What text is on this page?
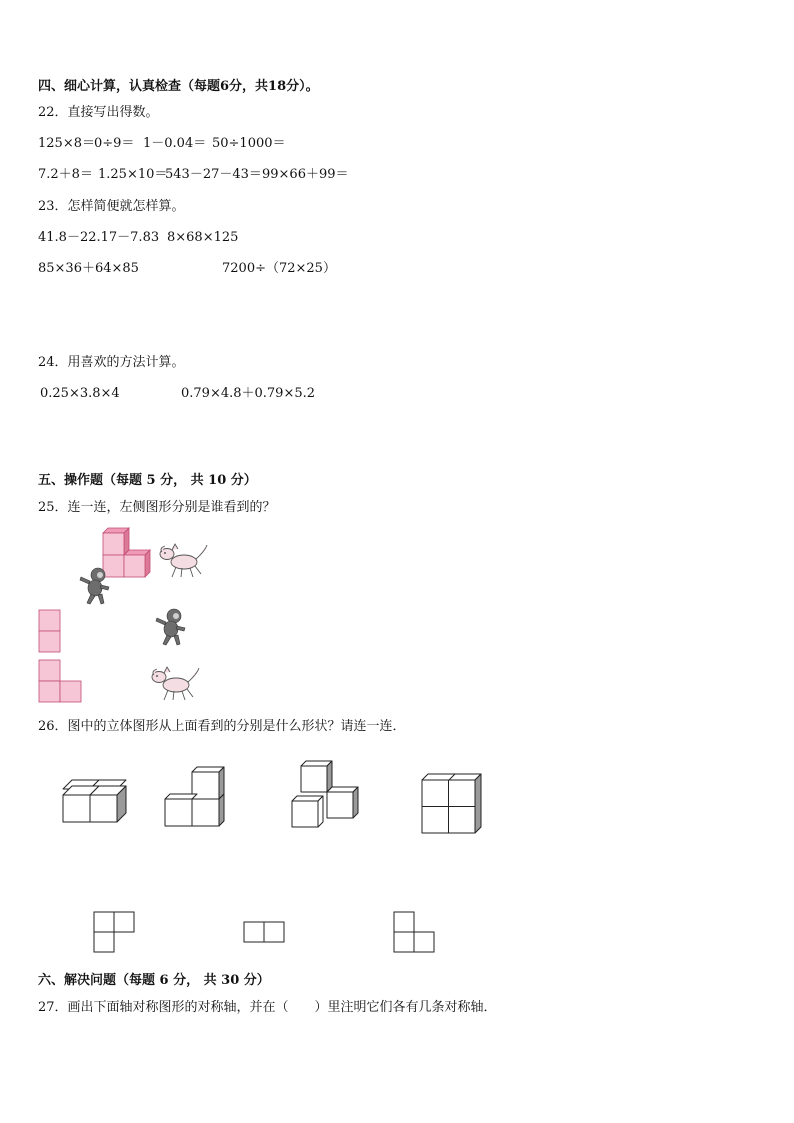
四、细心计算，认真检查（每题6分，共18分）。
22．直接写出得数。
125×8＝ 0÷9＝ 1－0.04＝ 50÷1000＝
7.2＋8＝ 1.25×10＝
543－27－43＝ 99×66＋99＝
23．怎样简便就怎样算。
41.8－22.17－7.83 8×68×125
85×36＋64×85	7200÷（72×25）
24．用喜欢的方法计算。
0.25×3.8×4	0.79×4.8＋0.79×5.2
五、操作题（每题 5 分， 共 10 分）
25．连一连，左侧图形分别是谁看到的？
26．图中的立体图形从上面看到的分别是什么形状？请连一连．
六、解决问题（每题 6 分， 共 30 分）
27．画出下面轴对称图形的对称轴，并在（　　）里注明它们各有几条对称轴．
